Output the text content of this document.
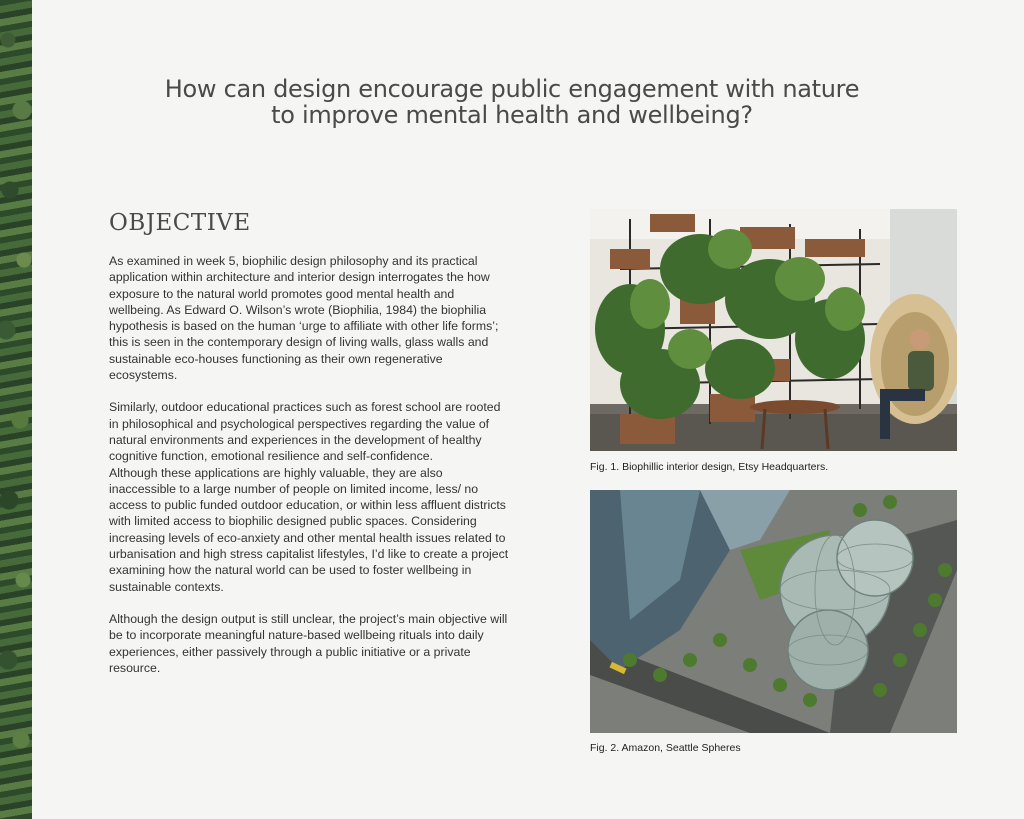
How can design encourage public engagement with nature
to improve mental health and wellbeing?
OBJECTIVE

As examined in week 5, biophilic design philosophy and its practical application within architecture and interior design interrogates the how exposure to the natural world promotes good mental health and wellbeing. As Edward O. Wilson’s wrote (Biophilia, 1984) the biophilia hypothesis is based on the human ‘urge to affiliate with other life forms’; this is seen in the contemporary design of living walls, glass walls and sustainable eco-houses functioning as their own regenerative ecosystems.

Similarly, outdoor educational practices such as forest school are rooted in philosophical and psychological perspectives regarding the value of natural environments and experiences in the development of healthy cognitive function, emotional resilience and self-confidence.

Although these applications are highly valuable, they are also inaccessible to a large number of people on limited income, less/ no access to public funded outdoor education, or within less affluent districts with limited access to biophilic designed public spaces. Considering increasing levels of eco-anxiety and other mental health issues related to urbanisation and high stress capitalist lifestyles, I’d like to create a project examining how the natural world can be used to foster wellbeing in sustainable contexts.

Although the design output is still unclear, the project’s main objective will be to incorporate meaningful nature-based wellbeing rituals into daily experiences, either passively through a public initiative or a private resource.

Fig. 1. Biophillic interior design, Etsy Headquarters.

Fig. 2. Amazon, Seattle Spheres
